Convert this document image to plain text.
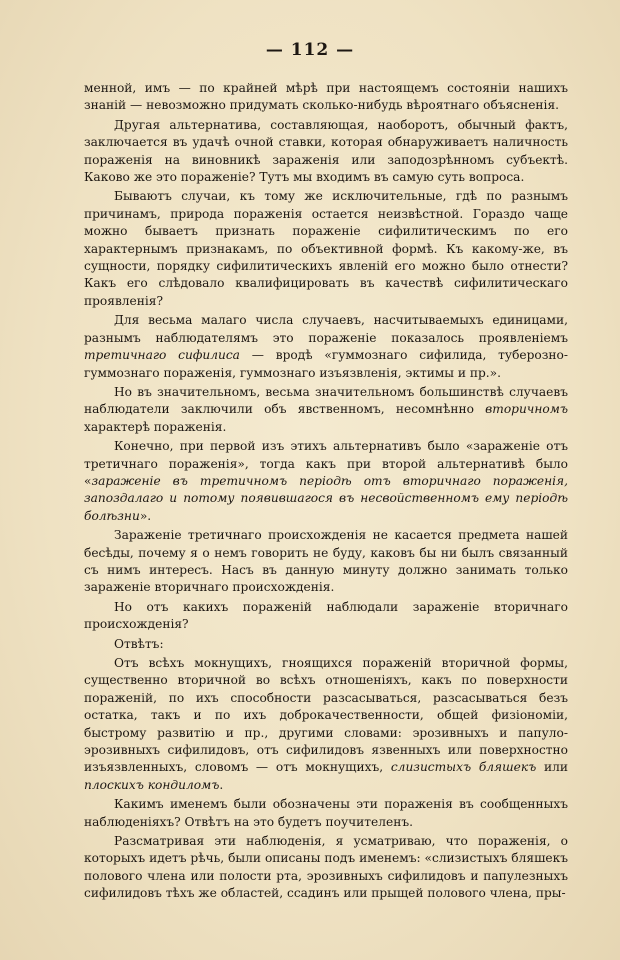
— 112 —

менной, имъ — по крайней мѣрѣ при настоящемъ состоянiи нашихъ знанiй — невозможно придумать сколько-нибудь вѣроятнаго объясненiя.

Другая альтернатива, составляющая, наоборотъ, обычный фактъ, заключается въ удачѣ очной ставки, которая обнаруживаетъ наличность пораженiя на виновникѣ зараженiя или заподозрѣнномъ субъектѣ. Каково же это пораженiе? Тутъ мы входимъ въ самую суть вопроса.

Бываютъ случаи, къ тому же исключительные, гдѣ по разнымъ причинамъ, природа пораженiя остается неизвѣстной. Гораздо чаще можно бываетъ признать пораженiе сифилитическимъ по его характернымъ признакамъ, по объективной формѣ. Къ какому-же, въ сущности, порядку сифилитическихъ явленiй его можно было отнести? Какъ его слѣдовало квалифицировать въ качествѣ сифилитическаго проявленiя?

Для весьма малаго числа случаевъ, насчитываемыхъ единицами, разнымъ наблюдателямъ это пораженiе показалось проявленiемъ третичнаго сифилиса — вродѣ «гуммознаго сифилида, туберозно-гуммознаго пораженiя, гуммознаго изъязвленiя, эктимы и пр.».

Но въ значительномъ, весьма значительномъ большинствѣ случаевъ наблюдатели заключили объ явственномъ, несомнѣнно вторичномъ характерѣ пораженiя.

Конечно, при первой изъ этихъ альтернативъ было «зараженiе отъ третичнаго пораженiя», тогда какъ при второй альтернативѣ было «зараженiе въ третичномъ перiодѣ отъ вторичнаго пораженiя, запоздалаго и потому появившагося въ несвойственномъ ему перiодѣ болѣзни».

Зараженiе третичнаго происхожденiя не касается предмета нашей бесѣды, почему я о немъ говорить не буду, каковъ бы ни былъ связанный съ нимъ интересъ. Насъ въ данную минуту должно занимать только зараженiе вторичнаго происхожденiя.

Но отъ какихъ пораженiй наблюдали зараженiе вторичнаго происхожденiя?

Отвѣтъ:

Отъ всѣхъ мокнущихъ, гноящихся пораженiй вторичной формы, существенно вторичной во всѣхъ отношенiяхъ, какъ по поверхности пораженiй, по ихъ способности разсасываться, разсасываться безъ остатка, такъ и по ихъ доброкачественности, общей физiономiи, быстрому развитiю и пр., другими словами: эрозивныхъ и папуло-эрозивныхъ сифилидовъ, отъ сифилидовъ язвенныхъ или поверхностно изъязвленныхъ, словомъ — отъ мокнущихъ, слизистыхъ бляшекъ или плоскихъ кондиломъ.

Какимъ именемъ были обозначены эти пораженiя въ сообщенныхъ наблюденiяхъ? Отвѣтъ на это будетъ поучителенъ.

Разсматривая эти наблюденiя, я усматриваю, что пораженiя, о которыхъ идетъ рѣчь, были описаны подъ именемъ: «слизистыхъ бляшекъ полового члена или полости рта, эрозивныхъ сифилидовъ и папулезныхъ сифилидовъ тѣхъ же областей, ссадинъ или прыщей полового члена, пры-
